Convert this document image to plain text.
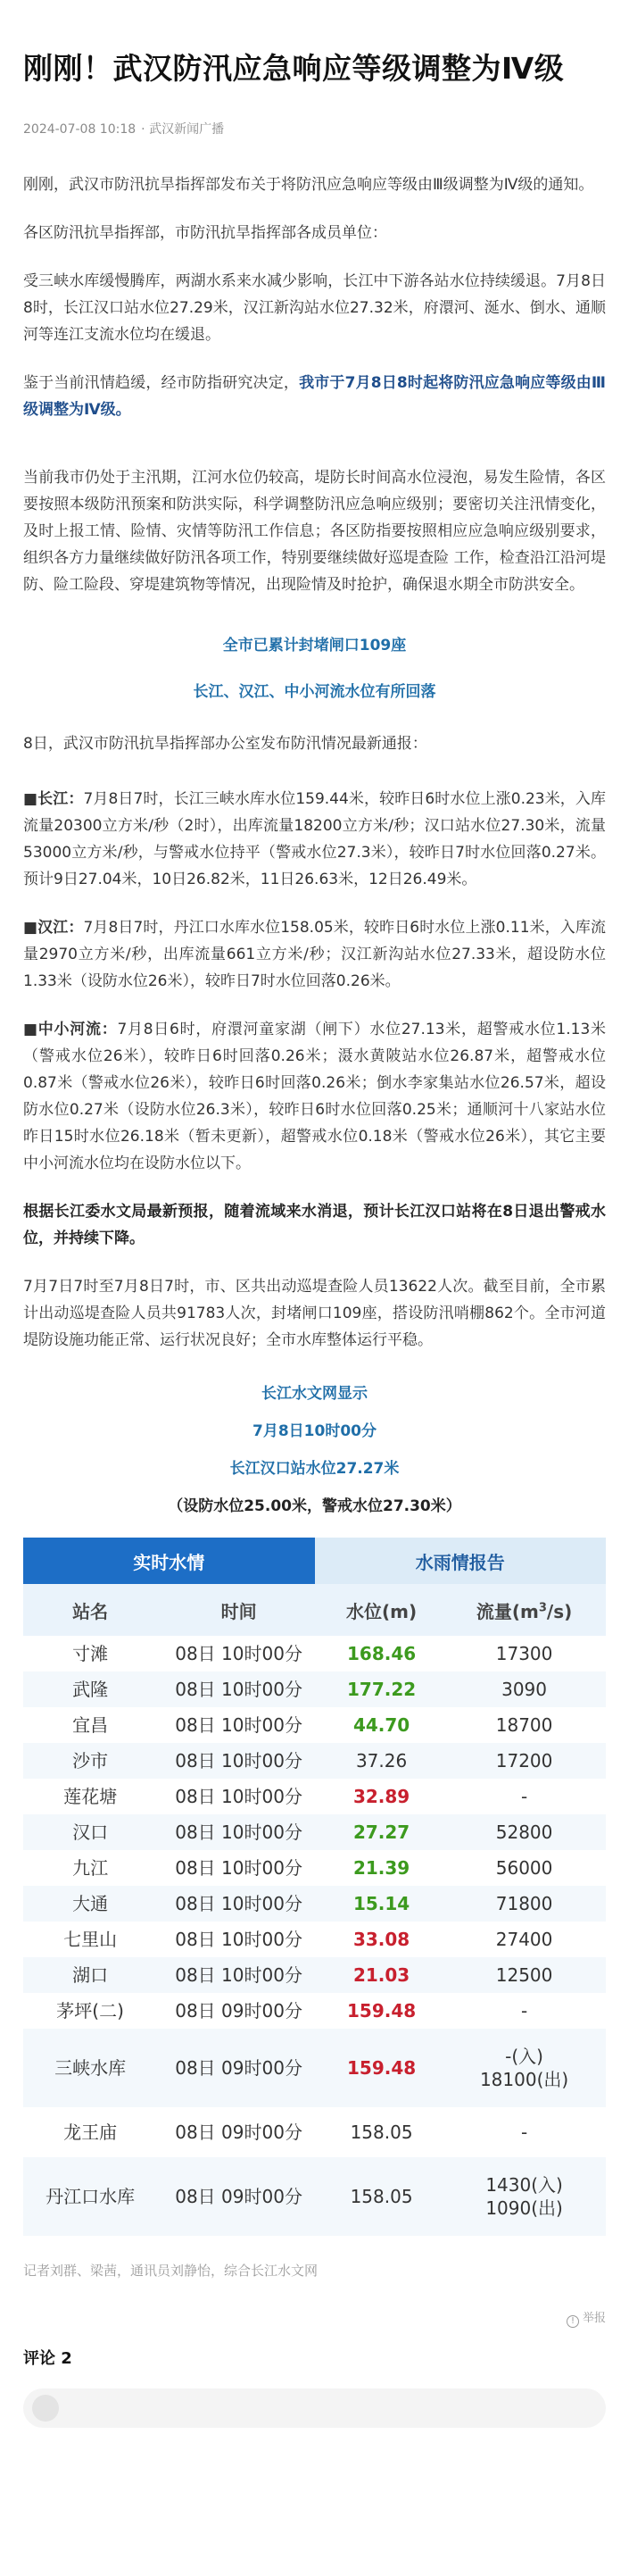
刚刚！武汉防汛应急响应等级调整为Ⅳ级
2024-07-08 10:18 · 武汉新闻广播

刚刚，武汉市防汛抗旱指挥部发布关于将防汛应急响应等级由Ⅲ级调整为Ⅳ级的通知。

各区防汛抗旱指挥部，市防汛抗旱指挥部各成员单位：

受三峡水库缓慢腾库，两湖水系来水减少影响，长江中下游各站水位持续缓退。7月8日8时，长江汉口站水位27.29米，汉江新沟站水位27.32米，府澴河、涎水、倒水、通顺河等连江支流水位均在缓退。

鉴于当前汛情趋缓，经市防指研究决定，我市于7月8日8时起将防汛应急响应等级由Ⅲ级调整为Ⅳ级。

当前我市仍处于主汛期，江河水位仍较高，堤防长时间高水位浸泡，易发生险情，各区要按照本级防汛预案和防洪实际，科学调整防汛应急响应级别；要密切关注汛情变化，及时上报工情、险情、灾情等防汛工作信息；各区防指要按照相应应急响应级别要求，组织各方力量继续做好防汛各项工作，特别要继续做好巡堤查险 工作，检查沿江沿河堤防、险工险段、穿堤建筑物等情况，出现险情及时抢护，确保退水期全市防洪安全。

全市已累计封堵闸口109座
长江、汉江、中小河流水位有所回落

8日，武汉市防汛抗旱指挥部办公室发布防汛情况最新通报：

■长江：7月8日7时，长江三峡水库水位159.44米，较昨日6时水位上涨0.23米，入库流量20300立方米/秒（2时），出库流量18200立方米/秒；汉口站水位27.30米，流量53000立方米/秒，与警戒水位持平（警戒水位27.3米），较昨日7时水位回落0.27米。预计9日27.04米，10日26.82米，11日26.63米，12日26.49米。

■汉江：7月8日7时，丹江口水库水位158.05米，较昨日6时水位上涨0.11米，入库流量2970立方米/秒，出库流量661立方米/秒；汉江新沟站水位27.33米，超设防水位1.33米（设防水位26米），较昨日7时水位回落0.26米。

■中小河流：7月8日6时，府澴河童家湖（闸下）水位27.13米，超警戒水位1.13米（警戒水位26米），较昨日6时回落0.26米；滠水黄陂站水位26.87米，超警戒水位0.87米（警戒水位26米），较昨日6时回落0.26米；倒水李家集站水位26.57米，超设防水位0.27米（设防水位26.3米），较昨日6时水位回落0.25米；通顺河十八家站水位昨日15时水位26.18米（暂未更新），超警戒水位0.18米（警戒水位26米），其它主要中小河流水位均在设防水位以下。

根据长江委水文局最新预报，随着流域来水消退，预计长江汉口站将在8日退出警戒水位，并持续下降。

7月7日7时至7月8日7时，市、区共出动巡堤查险人员13622人次。截至目前，全市累计出动巡堤查险人员共91783人次，封堵闸口109座，搭设防汛哨棚862个。全市河道堤防设施功能正常、运行状况良好；全市水库整体运行平稳。

长江水文网显示
7月8日10时00分
长江汉口站水位27.27米
（设防水位25.00米，警戒水位27.30米）
实时水情	水雨情报告
站名	时间	水位(m)	流量$(m^3/s)$
寸滩	08日 10时00分	168.46	17300
武隆	08日 10时00分	177.22	3090
宜昌	08日 10时00分	44.70	18700
沙市	08日 10时00分	37.26	17200
莲花塘	08日 10时00分	32.89	-
汉口	08日 10时00分	27.27	52800
九江	08日 10时00分	21.39	56000
大通	08日 10时00分	15.14	71800
七里山	08日 10时00分	33.08	27400
湖口	08日 10时00分	21.03	12500
茅坪(二)	08日 09时00分	159.48	-
三峡水库	08日 09时00分	159.48	-(入)
18100(出)

龙王庙	08日 09时00分	158.05	-
丹江口水库	08日 09时00分	158.05	1430(入)
1090(出)

记者刘群、梁茜，通讯员刘静怡，综合长江水文网

! 举报
评论 2
